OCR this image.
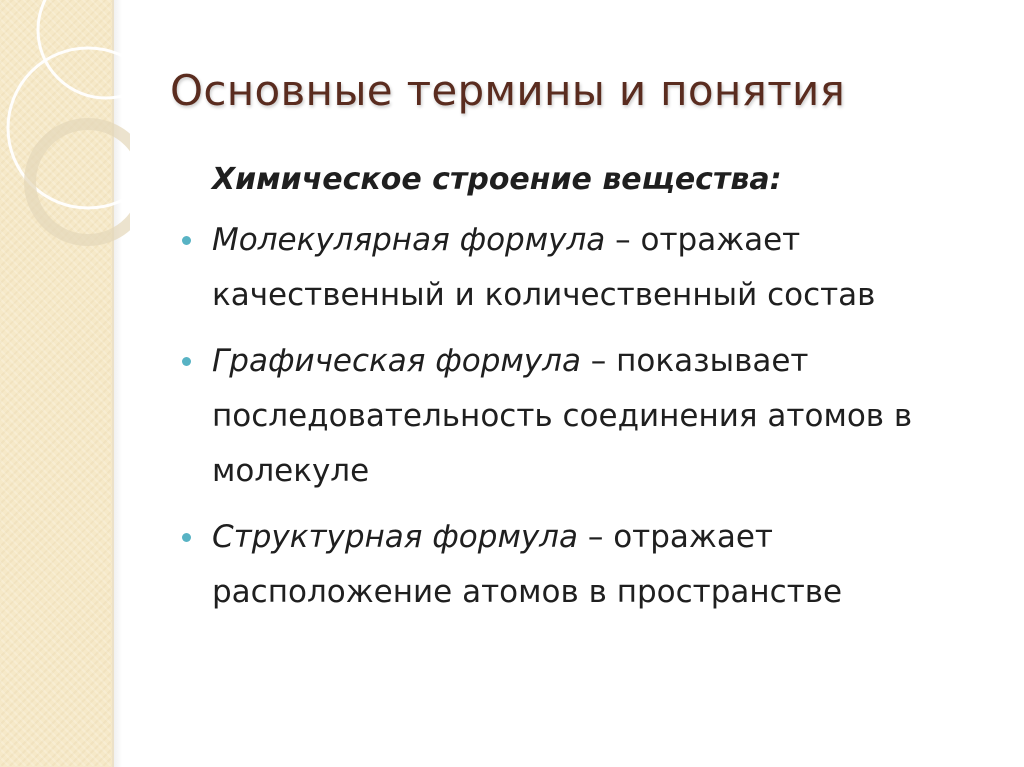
Основные термины и понятия

Химическое строение вещества:

Молекулярная формула – отражает качественный и количественный состав
Графическая формула – показывает последовательность соединения атомов в молекуле
Структурная формула – отражает расположение атомов в пространстве
